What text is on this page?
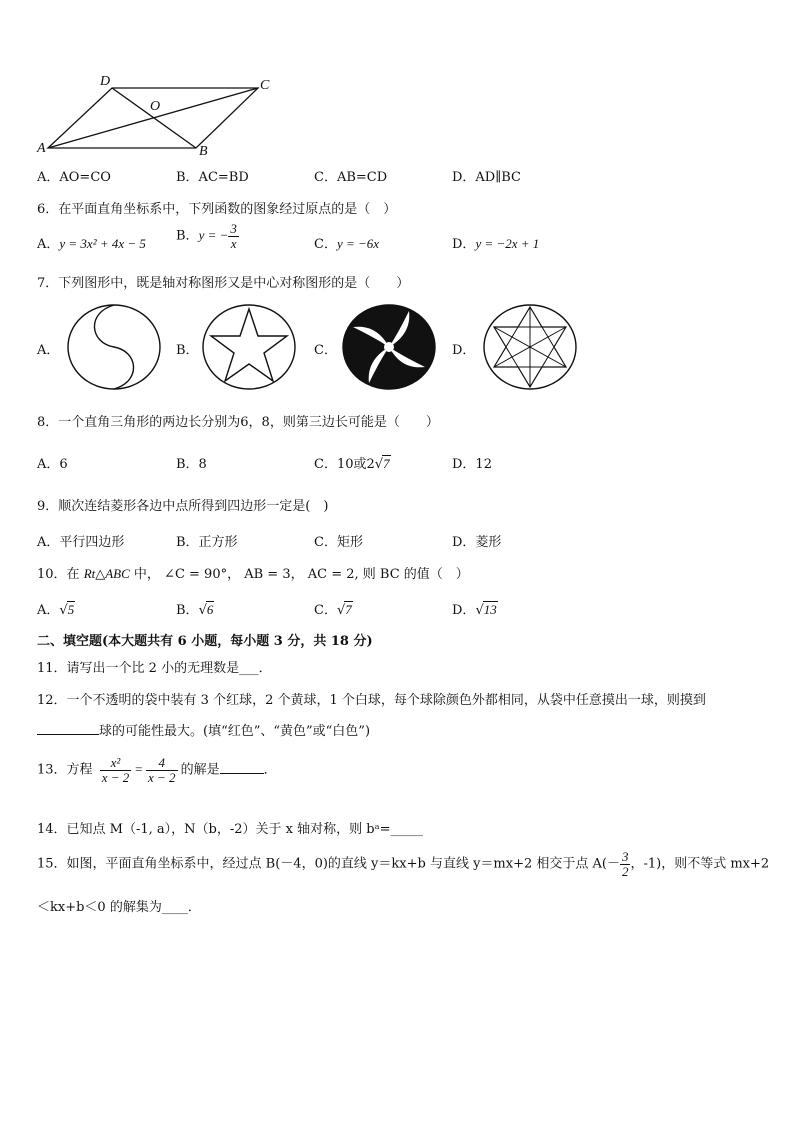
D	C
O
A	B
A．AO=CO	B．AC=BD	C．AB=CD	D．AD∥BC
6．在平面直角坐标系中，下列函数的图象经过原点的是（　）
A．y = 3x² + 4x − 5 B．y = − $\frac{3}{x}$	C．y = −6x	D．y = −2x + 1
7．下列图形中，既是轴对称图形又是中心对称图形的是（　　）
A．	B．	C．	D．
8．一个直角三角形的两边长分别为6，8，则第三边长可能是（　　）
A．6	B．8	C．10或2√7	D．12
9．顺次连结菱形各边中点所得到四边形一定是(　)
A．平行四边形	B．正方形	C．矩形	D．菱形
10．在 Rt△ABC 中， ∠C = 90°， AB = 3， AC = 2, 则 BC 的值（　）
A．√5	B．√6	C．√7	D．√13
二、填空题(本大题共有 6 小题，每小题 3 分，共 18 分)
11．请写出一个比 2 小的无理数是___．
12．一个不透明的袋中装有 3 个红球，2 个黄球，1 个白球，每个球除颜色外都相同，从袋中任意摸出一球，则摸到
球的可能性最大。(填“红色”、“黄色”或“白色”)
13．方程 $\frac{\text{x²}}{x - 2} = \frac{4}{x - 2}$ 的解是	．
14．已知点 M（-1, a），N（b，-2）关于 x 轴对称，则 bᵃ=_____
15．如图，平面直角坐标系中，经过点 B(－4，0)的直线 y＝kx+b 与直线 y＝mx+2 相交于点 $A(- \frac{3}{2}$ ，-1)，则不等式 mx+2
＜kx+b＜0 的解集为____．
